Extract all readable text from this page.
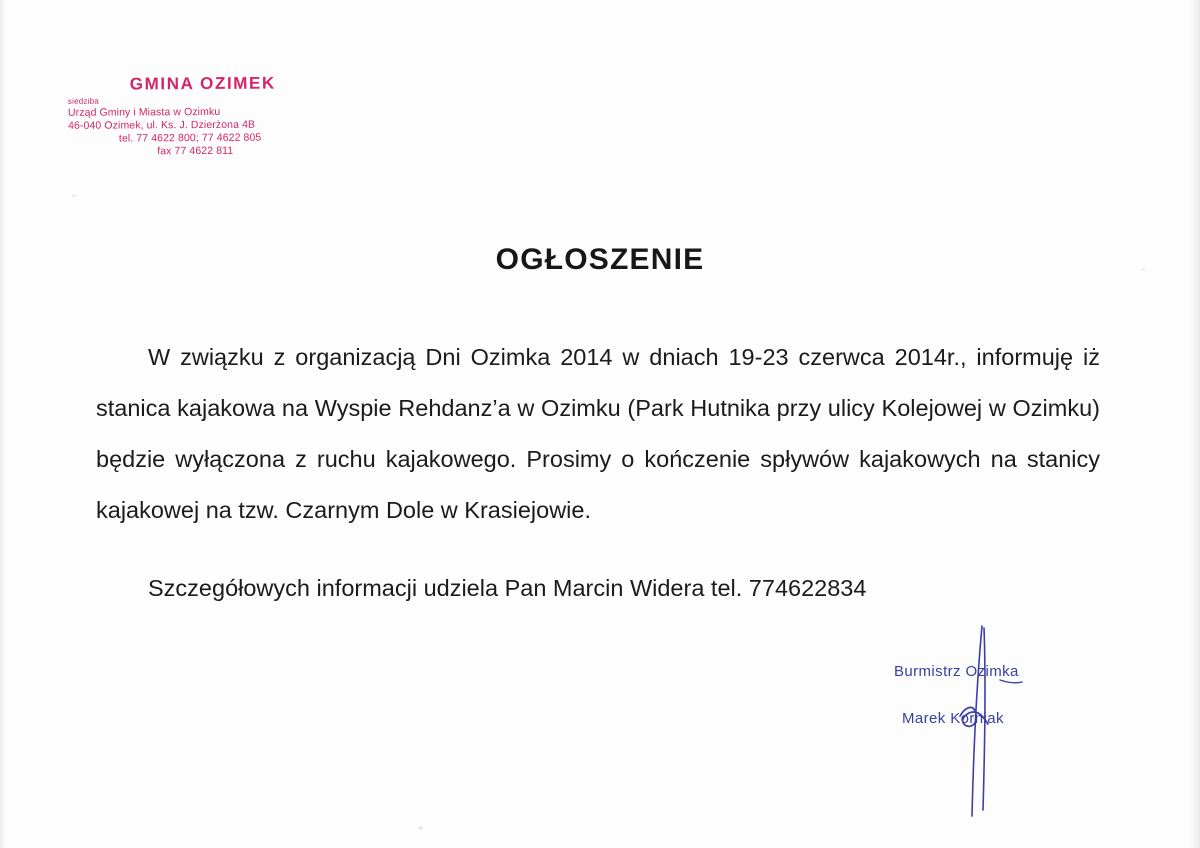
GMINA OZIMEK
siedziba
Urząd Gminy i Miasta w Ozimku
46-040 Ozimek, ul. Ks. J. Dzierżona 4B
tel. 77 4622 800; 77 4622 805
fax 77 4622 811
OGŁOSZENIE

W związku z organizacją Dni Ozimka 2014 w dniach 19-23 czerwca 2014r., informuję iż stanica kajakowa na Wyspie Rehdanz’a w Ozimku (Park Hutnika przy ulicy Kolejowej w Ozimku) będzie wyłączona z ruchu kajakowego. Prosimy o kończenie spływów kajakowych na stanicy kajakowej na tzw. Czarnym Dole w Krasiejowie.

Szczegółowych informacji udziela Pan Marcin Widera tel. 774622834

Burmistrz Ozimka
Marek Korniak
